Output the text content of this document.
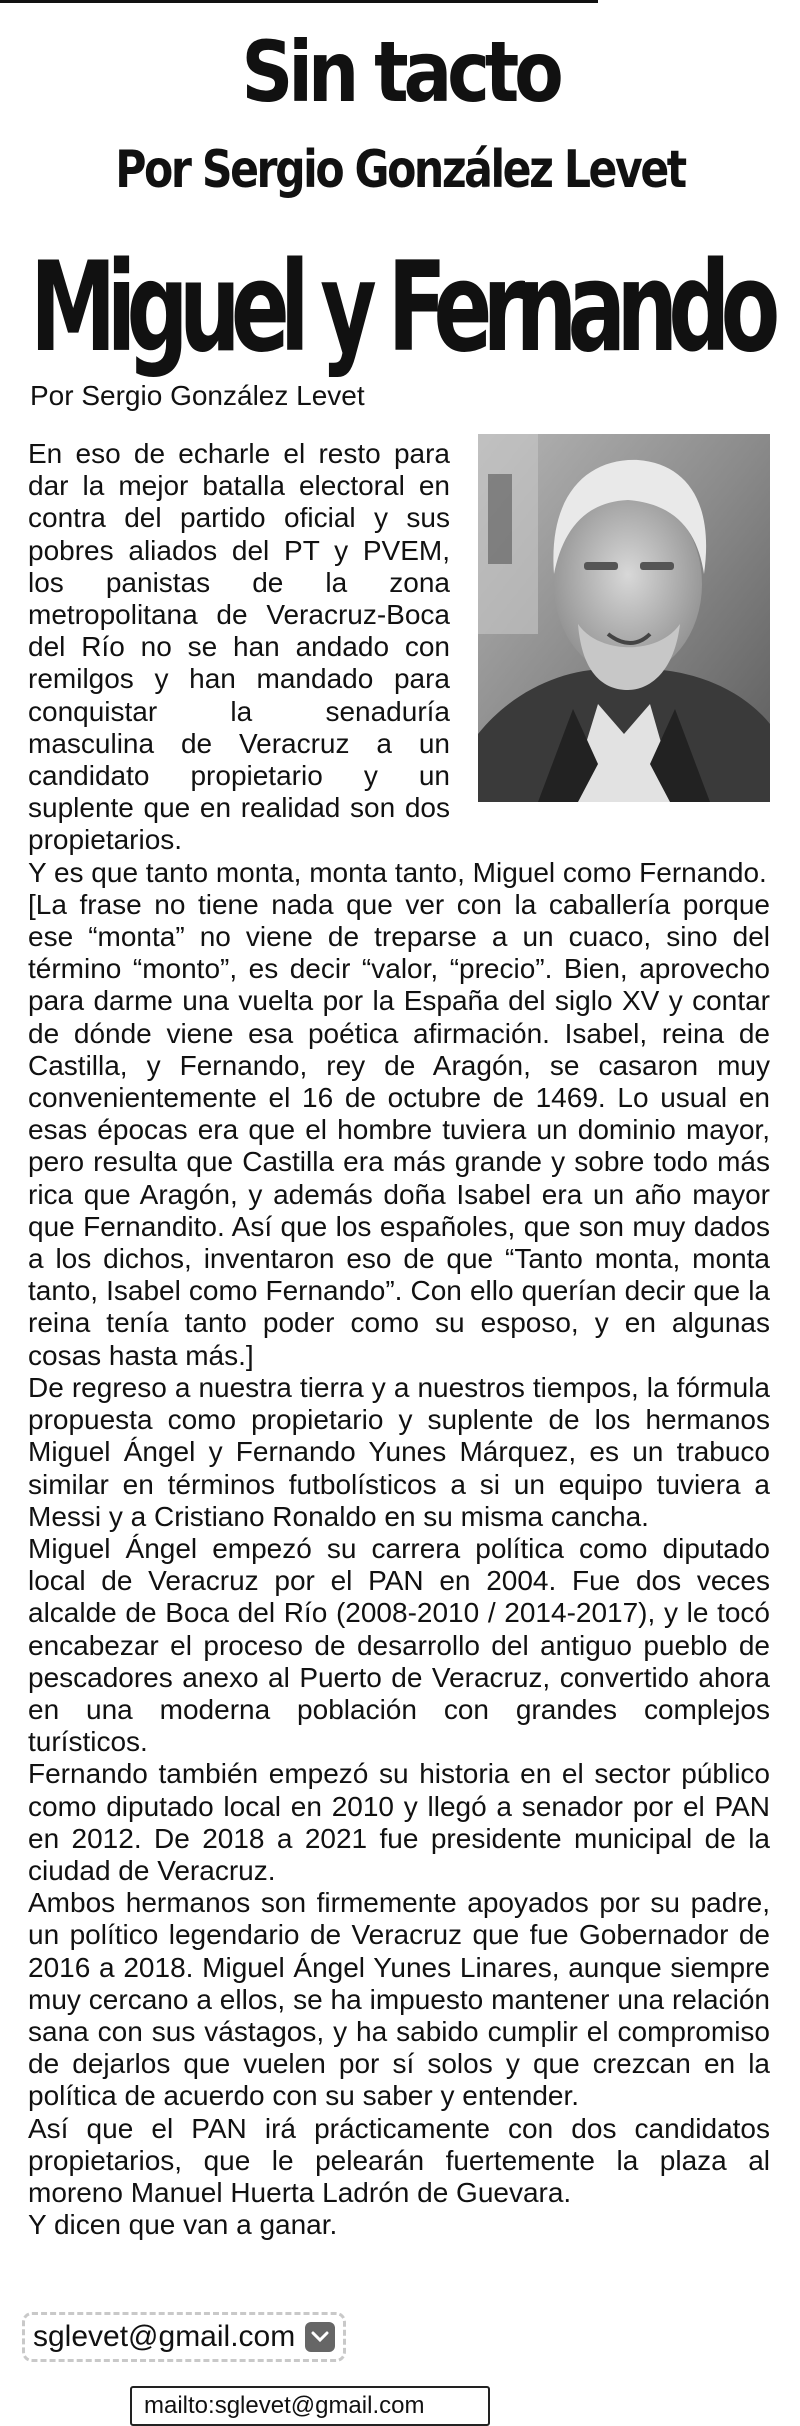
Sin tacto
Por Sergio González Levet
Miguel y Fernando
Por Sergio González Levet

En eso de echarle el resto para dar la mejor batalla electoral en contra del partido oficial y sus pobres aliados del PT y PVEM, los panistas de la zona metropolitana de Veracruz-Boca del Río no se han andado con remilgos y han mandado para conquistar la senaduría masculina de Veracruz a un candidato propietario y un suplente que en realidad son dos propietarios.

Y es que tanto monta, monta tanto, Miguel como Fernando.

[La frase no tiene nada que ver con la caballería porque ese “monta” no viene de treparse a un cuaco, sino del término “monto”, es decir “valor, “precio”. Bien, aprovecho para darme una vuelta por la España del siglo XV y contar de dónde viene esa poética afirmación. Isabel, reina de Castilla, y Fernando, rey de Aragón, se casaron muy convenientemente el 16 de octubre de 1469. Lo usual en esas épocas era que el hombre tuviera un dominio mayor, pero resulta que Castilla era más grande y sobre todo más rica que Aragón, y además doña Isabel era un año mayor que Fernandito. Así que los españoles, que son muy dados a los dichos, inventaron eso de que “Tanto monta, monta tanto, Isabel como Fernando”. Con ello querían decir que la reina tenía tanto poder como su esposo, y en algunas cosas hasta más.]

De regreso a nuestra tierra y a nuestros tiempos, la fórmula propuesta como propietario y suplente de los hermanos Miguel Ángel y Fernando Yunes Márquez, es un trabuco similar en términos futbolísticos a si un equipo tuviera a Messi y a Cristiano Ronaldo en su misma cancha.

Miguel Ángel empezó su carrera política como diputado local de Veracruz por el PAN en 2004. Fue dos veces alcalde de Boca del Río (2008-2010 / 2014-2017), y le tocó encabezar el proceso de desarrollo del antiguo pueblo de pescadores anexo al Puerto de Veracruz, convertido ahora en una moderna población con grandes complejos turísticos.

Fernando también empezó su historia en el sector público como diputado local en 2010 y llegó a senador por el PAN en 2012. De 2018 a 2021 fue presidente municipal de la ciudad de Veracruz.

Ambos hermanos son firmemente apoyados por su padre, un político legendario de Veracruz que fue Gobernador de 2016 a 2018. Miguel Ángel Yunes Linares, aunque siempre muy cercano a ellos, se ha impuesto mantener una relación sana con sus vástagos, y ha sabido cumplir el compromiso de dejarlos que vuelen por sí solos y que crezcan en la política de acuerdo con su saber y entender.

Así que el PAN irá prácticamente con dos candidatos propietarios, que le pelearán fuertemente la plaza al moreno Manuel Huerta Ladrón de Guevara.

Y dicen que van a ganar.

sglevet@gmail.com
mailto:sglevet@gmail.com
